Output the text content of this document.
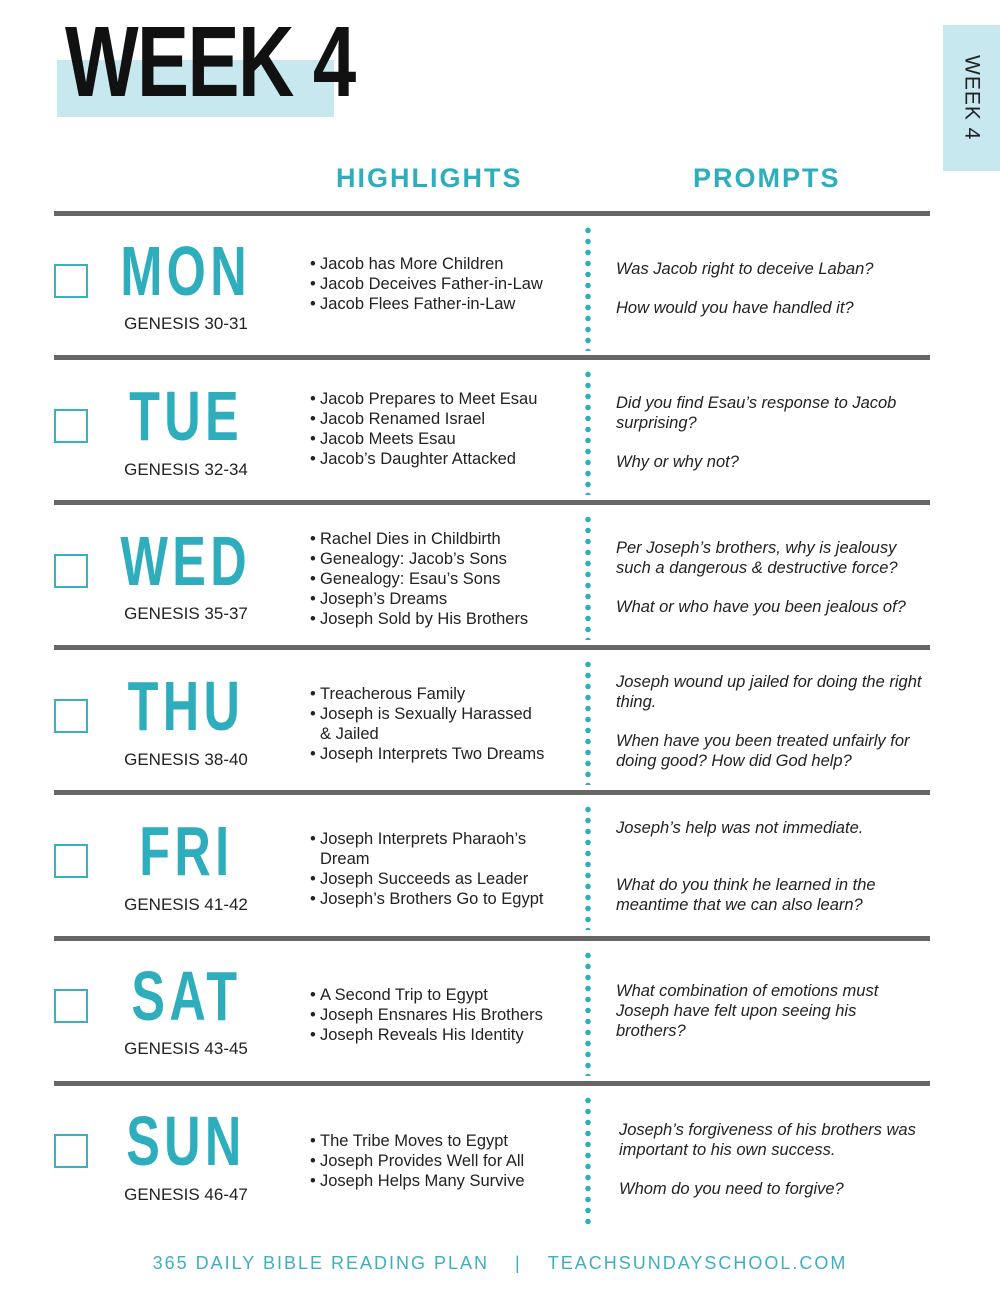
WEEK 4	WEEK 4
HIGHLIGHTS	PROMPTS
365 DAILY BIBLE READING PLAN | TEACHSUNDAYSCHOOL.COM
MON
GENESIS 30-31
• Jacob has More Children
• Jacob Deceives Father-in-Law
• Jacob Flees Father-in-Law

Was Jacob right to deceive Laban?

How would you have handled it?

TUE
GENESIS 32-34
• Jacob Prepares to Meet Esau
• Jacob Renamed Israel
• Jacob Meets Esau
• Jacob’s Daughter Attacked

Did you find Esau’s response to Jacob surprising?

Why or why not?

WED
GENESIS 35-37
• Rachel Dies in Childbirth
• Genealogy: Jacob’s Sons
• Genealogy: Esau’s Sons
• Joseph’s Dreams
• Joseph Sold by His Brothers

Per Joseph’s brothers, why is jealousy such a dangerous & destructive force?

What or who have you been jealous of?

THU
GENESIS 38-40
• Treacherous Family
• Joseph is Sexually Harassed
& Jailed
• Joseph Interprets Two Dreams

Joseph wound up jailed for doing the right thing.

When have you been treated unfairly for doing good? How did God help?

FRI
GENESIS 41-42
• Joseph Interprets Pharaoh’s
Dream
• Joseph Succeeds as Leader
• Joseph’s Brothers Go to Egypt

Joseph’s help was not immediate.

What do you think he learned in the meantime that we can also learn?

SAT
GENESIS 43-45
• A Second Trip to Egypt
• Joseph Ensnares His Brothers
• Joseph Reveals His Identity

What combination of emotions must Joseph have felt upon seeing his brothers?

SUN
GENESIS 46-47
• The Tribe Moves to Egypt
• Joseph Provides Well for All
• Joseph Helps Many Survive

Joseph’s forgiveness of his brothers was important to his own success.

Whom do you need to forgive?
